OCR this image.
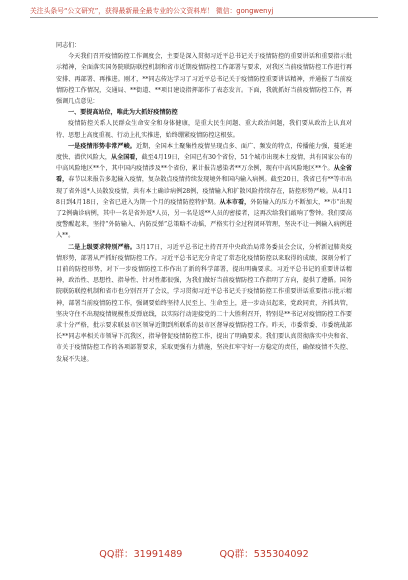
关注头条号“公文研究”，获得最新最全最专业的公文资料库！ 微信：gongwenyj

同志们：

今天我们召开疫情防控工作调度会，主要是深入贯彻习近平总书记关于疫情防控的重要讲话和重要指示批示精神，全面落实国务院联防联控机制和省市近期疫情防控工作部署与要求，对我区当前疫情防控工作进行再安排、再部署、再推进。刚才，**同志传达学习了习近平总书记关于疫情防控重要讲话精神，并通报了当前疫情防控工作情况，交通局、**街道、**项目建设指挥部作了表态发言。下面，我就抓好当前疫情防控工作，再强调几点意见：

一、要提高站位，唯此为大抓好疫情防控

疫情防控关系人民群众生命安全和身体健康，是重大民生问题、重大政治问题，我们要从政治上认真对待、思想上高度重视、行动上扎实推进，始终绷紧疫情防控这根弦。

一是疫情形势非常严峻。近期，全国本土聚集性疫情呈现点多、面广、频发的特点，传播能力强，蔓延速度快、潜伏风险大，从全国看，截至4月19日，全国已有30个省份，51个城市出现本土疫情，共有国家公布的中高风险地区**个，其中国内疫情涉及**个省份，累计报告感染者**万余例，现有中高风险地区**个。从全省看，春节以来报告多起输入疫情，复杂散点疫情持续发现境外和国内输入病例。截至20日，我省已有**等市出现了省外返*人员散发疫情，共有本土确诊病例28例，疫情输入和扩散风险持续存在，防控形势严峻。从4月18日到4月18日，全省已进入为期一个月的疫情防控特护期。从本市看，外防输入的压力不断加大，**市“出现了2例确诊病例，其中一名是省外返*人员，另一名是返**人员的密接者，这再次给我们敲响了警钟。我们要高度警醒起来，坚持“外防输入、内防反弹”总策略不动摇，严格实行全过程闭环管理，坚决不让一例输入病例进入**。

二是上级要求特别严格。3月17日，习近平总书记主持召开中央政治局常务委员会会议，分析新冠肺炎疫情形势，部署从严抓好疫情防控工作。习近平总书记充分肯定了常态化疫情防控以来取得的成绩，深刻分析了目前的防控形势，对下一步疫情防控工作作出了新的科学部署，提出明确要求。习近平总书记的重要讲话精神，政治性、思想性、指导性、针对性都很强，为我们做好当前疫情防控工作指明了方向，提供了遵循。国务院联防联控机制和省市也分别召开了会议，学习贯彻习近平总书记关于疫情防控工作重要讲话重要指示批示精神，部署当前疫情防控工作，强调要始终坚持人民至上、生命至上，进一步动员起来，党政同责，齐抓共管，坚决守住不出现疫情规模性反弹底线，以实际行动迎接党的二十大胜利召开，特别是**书记对疫情防控工作要求十分严格，批示要求联县市区领导近期到所联系的县市区督导疫情防控工作。昨天，市委常委、市委统战部长**同志率相关市领导下沉我区，指导督促疫情防控工作，提出了明确要求。我们要认真贯彻落实中央和省、市关于疫情防控工作的各项部署要求，采取更强有力措施，坚决扛牢守好一方稳定的责任，确保疫情不失控、发展不失速。

QQ群：31991489	QQ群：535304092
